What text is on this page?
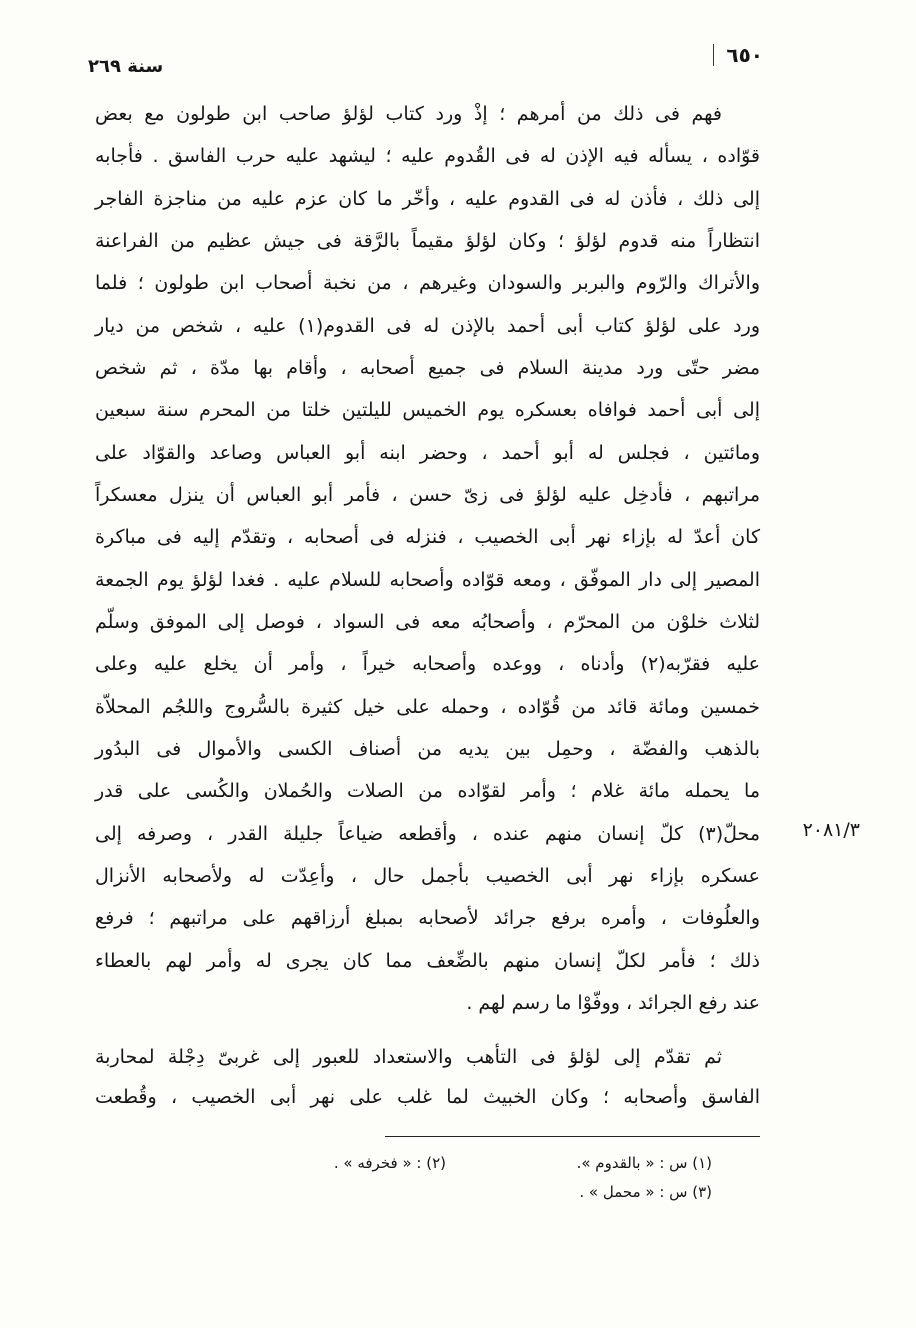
سنة ٢٦٩	٦٥٠
فهم فى ذلك من أمرهم ؛ إذْ ورد كتاب لؤلؤ صاحب ابن طولون مع بعض
قوّاده ، يسأله فيه الإذن له فى القُدوم عليه ؛ ليشهد عليه حرب الفاسق . فأجابه
إلى ذلك ، فأذن له فى القدوم عليه ، وأخّر ما كان عزم عليه من مناجزة الفاجر
انتظاراً منه قدوم لؤلؤ ؛ وكان لؤلؤ مقيماً بالرَّقة فى جيش عظيم من الفراعنة
والأتراك والرّوم والبربر والسودان وغيرهم ، من نخبة أصحاب ابن طولون ؛ فلما
ورد على لؤلؤ كتاب أبى أحمد بالإذن له فى القدوم(١) عليه ، شخص من ديار
مضر حتّى ورد مدينة السلام فى جميع أصحابه ، وأقام بها مدّة ، ثم شخص
إلى أبى أحمد فوافاه بعسكره يوم الخميس لليلتين خلتا من المحرم سنة سبعين
ومائتين ، فجلس له أبو أحمد ، وحضر ابنه أبو العباس وصاعد والقوّاد على
مراتبهم ، فأدخِل عليه لؤلؤ فى زىّ حسن ، فأمر أبو العباس أن ينزل معسكراً
كان أعدّ له بإزاء نهر أبى الخصيب ، فنزله فى أصحابه ، وتقدّم إليه فى مباكرة
المصير إلى دار الموفّق ، ومعه قوّاده وأصحابه للسلام عليه . فغدا لؤلؤ يوم الجمعة
لثلاث خلوْن من المحرّم ، وأصحابُه معه فى السواد ، فوصل إلى الموفق وسلّم
عليه فقرّبه(٢) وأدناه ، ووعده وأصحابه خيراً ، وأمر أن يخلع عليه وعلى
خمسين ومائة قائد من قُوّاده ، وحمله على خيل كثيرة بالسُّروج واللجُم المحلاّة
بالذهب والفضّة ، وحمِل بين يديه من أصناف الكسى والأموال فى البدُور
ما يحمله مائة غلام ؛ وأمر لقوّاده من الصلات والحُملان والكُسى على قدر
محلّ(٣) كلّ إنسان منهم عنده ، وأقطعه ضياعاً جليلة القدر ، وصرفه إلى
عسكره بإزاء نهر أبى الخصيب بأجمل حال ، وأعِدّت له ولأصحابه الأنزال
والعلُوفات ، وأمره برفع جرائد لأصحابه بمبلغ أرزاقهم على مراتبهم ؛ فرفع
ذلك ؛ فأمر لكلّ إنسان منهم بالضِّعف مما كان يجرى له وأمر لهم بالعطاء
عند رفع الجرائد ، ووفّوْا ما رسم لهم .
٢٠٨١/٣
ثم تقدّم إلى لؤلؤ فى التأهب والاستعداد للعبور إلى غربىّ دِجْلة لمحاربة
الفاسق وأصحابه ؛ وكان الخبيث لما غلب على نهر أبى الخصيب ، وقُطعت
(١) س : « بالقدوم ».
(٢) : « فخرفه » .
(٣) س : « محمل » .
